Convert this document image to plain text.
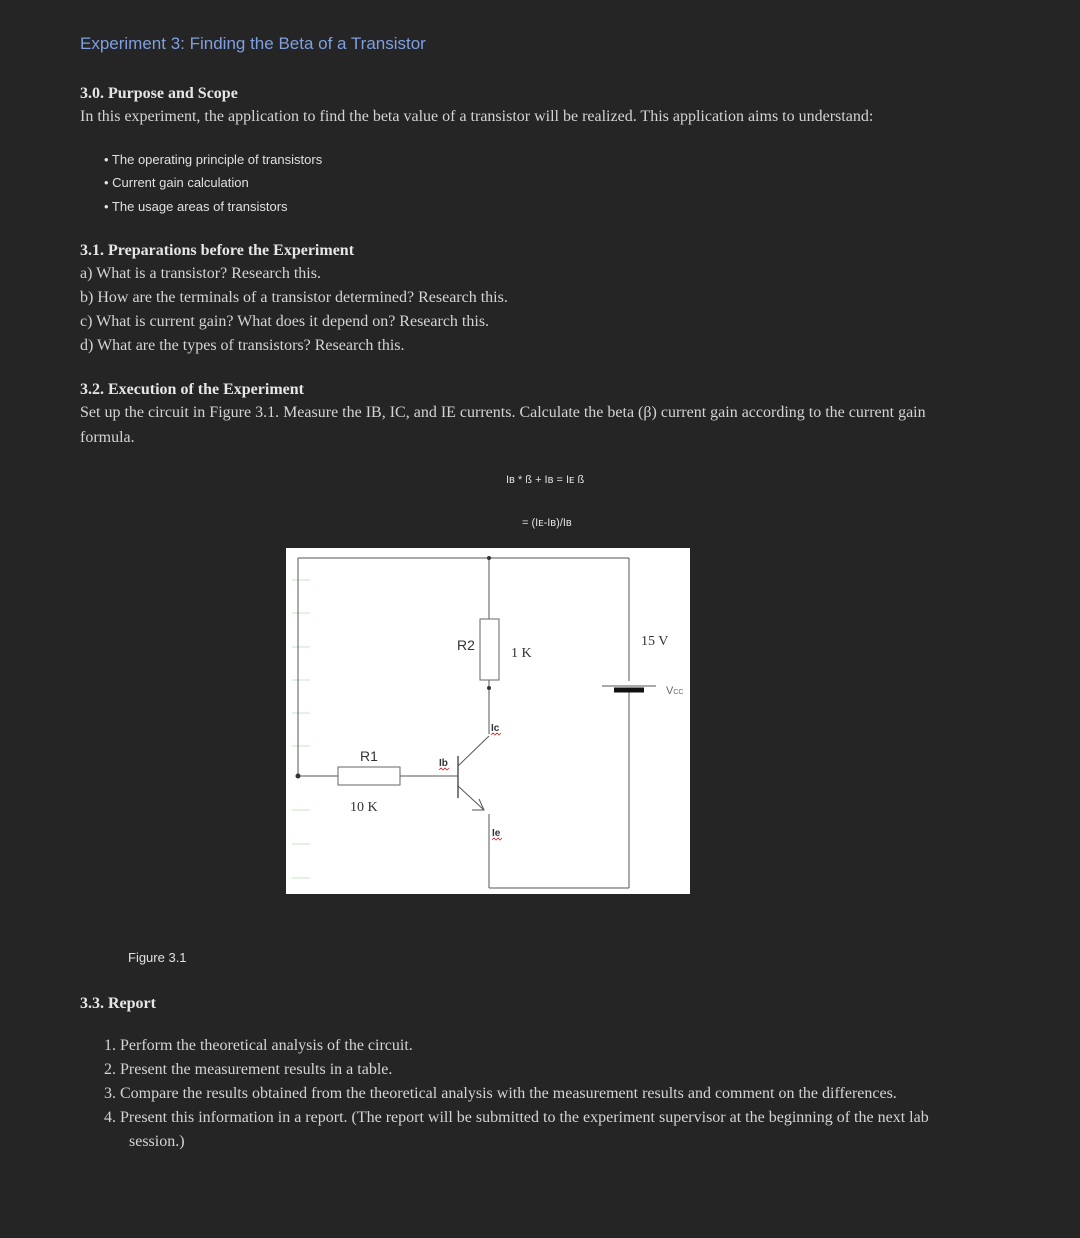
Experiment 3: Finding the Beta of a Transistor
3.0. Purpose and Scope
In this experiment, the application to find the beta value of a transistor will be realized. This application aims to understand:
• The operating principle of transistors
• Current gain calculation
• The usage areas of transistors
3.1. Preparations before the Experiment
a) What is a transistor? Research this.
b) How are the terminals of a transistor determined? Research this.
c) What is current gain? What does it depend on? Research this.
d) What are the types of transistors? Research this.
3.2. Execution of the Experiment
Set up the circuit in Figure 3.1. Measure the IB, IC, and IE currents. Calculate the beta (β) current gain according to the current gain
formula.
Iʙ * ß + Iʙ = Iᴇ ß
= (Iᴇ-Iʙ)/Iʙ
R1
10 K
R2
1 K
15 V
VCC
Ib
Ic
Ie
Figure 3.1
3.3. Report
1. Perform the theoretical analysis of the circuit.
2. Present the measurement results in a table.
3. Compare the results obtained from the theoretical analysis with the measurement results and comment on the differences.
4. Present this information in a report. (The report will be submitted to the experiment supervisor at the beginning of the next lab
session.)
